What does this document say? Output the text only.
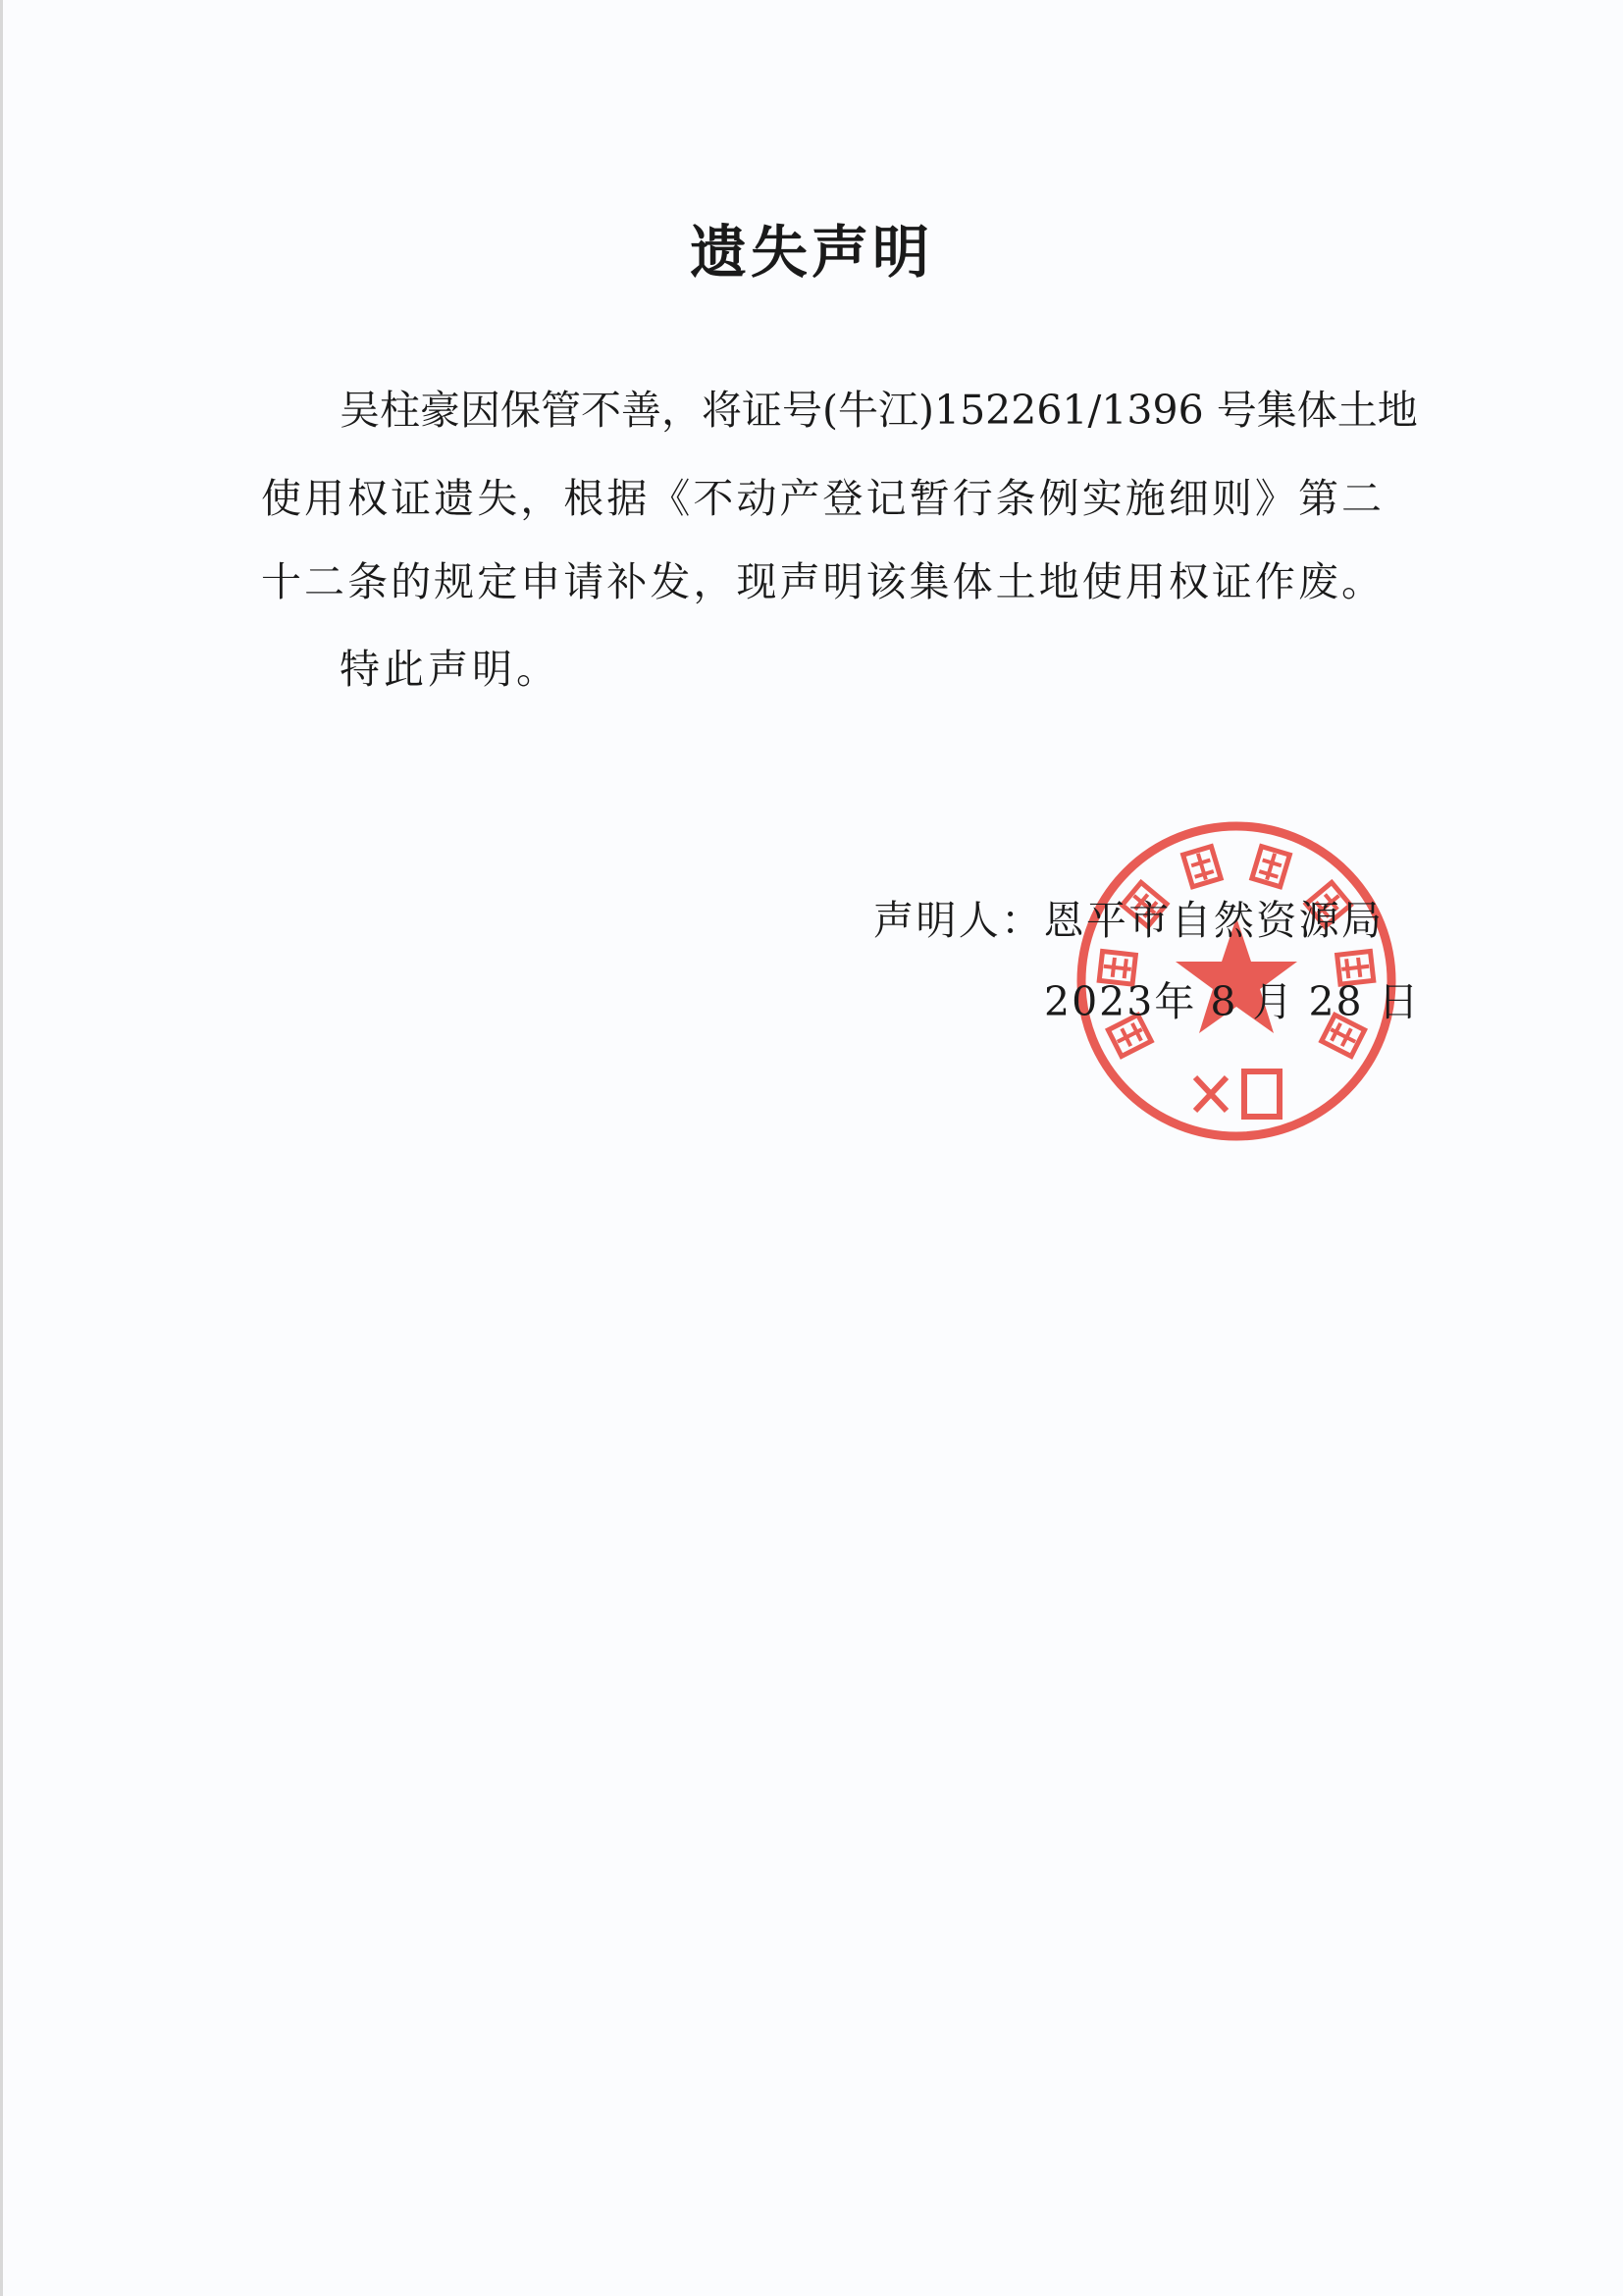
遗失声明
吴柱豪因保管不善，将证号(牛江)152261/1396 号集体土地
使用权证遗失，根据《不动产登记暂行条例实施细则》第二
十二条的规定申请补发，现声明该集体土地使用权证作废。
特此声明。
声明人：恩平市自然资源局
2023年 8 月 28 日
